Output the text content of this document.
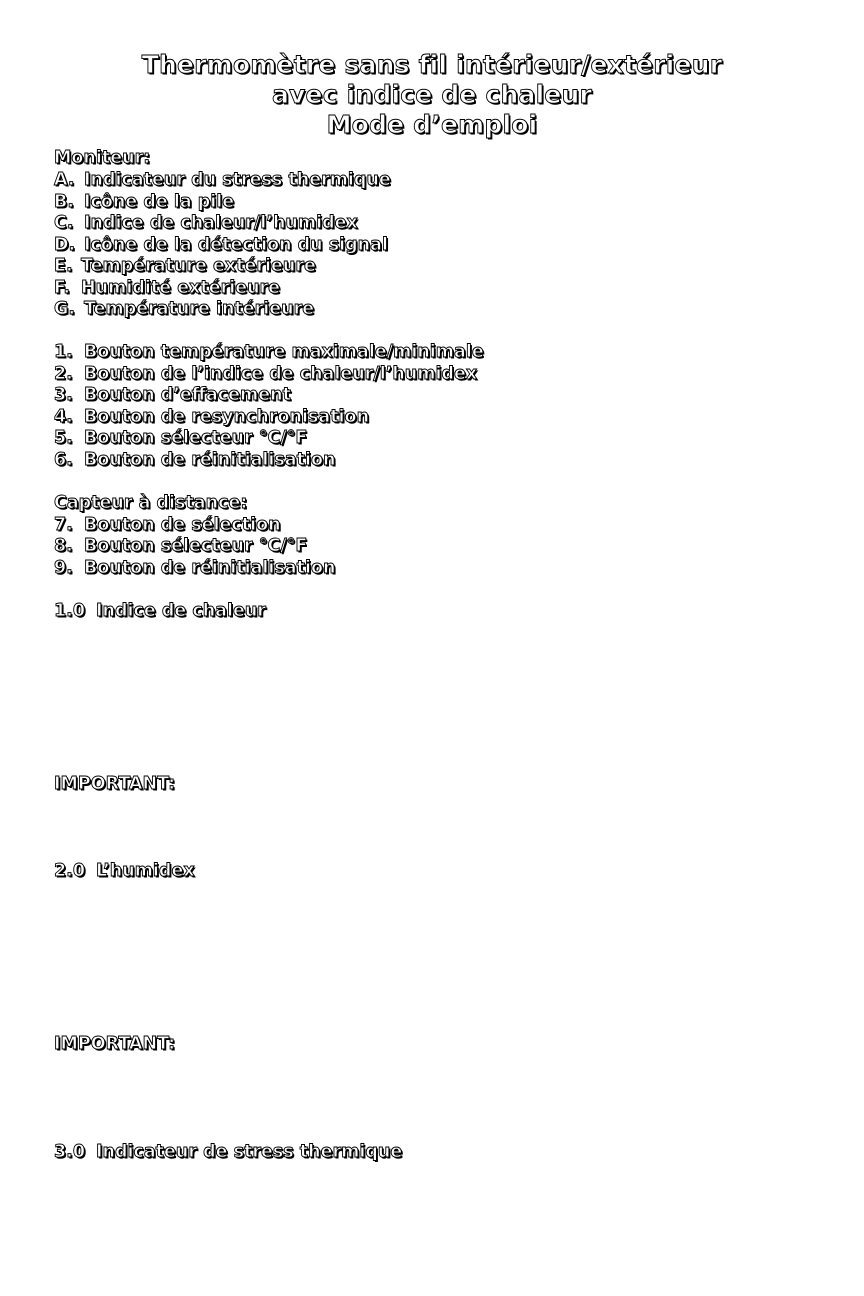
Thermomètre sans fil intérieur/extérieur
avec indice de chaleur
Mode d’emploi
Moniteur:
A. Indicateur du stress thermique
B. Icône de la pile
C. Indice de chaleur/l’humidex
D. Icône de la détection du signal
E. Température extérieure
F. Humidité extérieure
G. Température intérieure
1. Bouton température maximale/minimale
2. Bouton de l’indice de chaleur/l’humidex
3. Bouton d’effacement
4. Bouton de resynchronisation
5. Bouton sélecteur °C/°F
6. Bouton de réinitialisation
Capteur à distance:
7. Bouton de sélection
8. Bouton sélecteur °C/°F
9. Bouton de réinitialisation
1.0 Indice de chaleur
IMPORTANT:
2.0 L’humidex
IMPORTANT:
3.0 Indicateur de stress thermique
